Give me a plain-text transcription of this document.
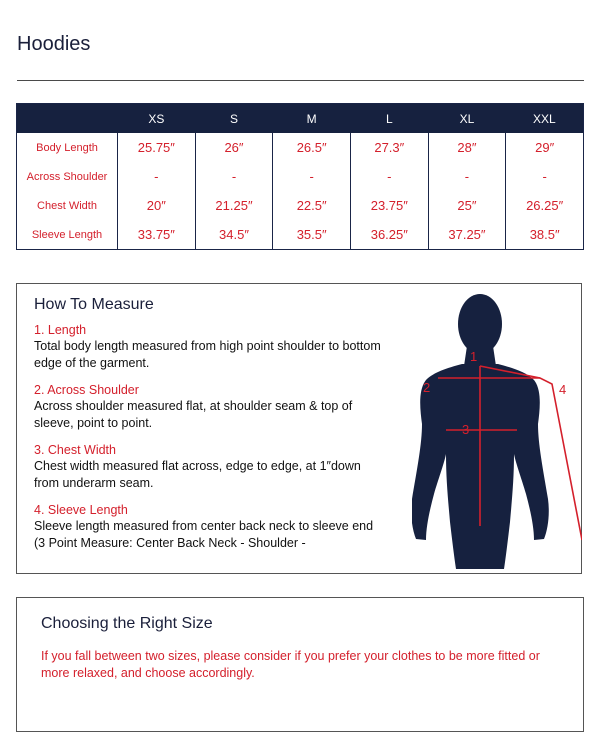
Hoodies
	XS	S	M	L	XL	XXL
Body Length	25.75″	26″	26.5″	27.3″	28″	29″
Across Shoulder	-	-	-	-	-	-
Chest Width	20″	21.25″	22.5″	23.75″	25″	26.25″
Sleeve Length	33.75″	34.5″	35.5″	36.25″	37.25″	38.5″
How To Measure
1. Length
Total body length measured from high point shoulder to bottom edge of the garment.
2. Across Shoulder
Across shoulder measured flat, at shoulder seam & top of sleeve, point to point.
3. Chest Width
Chest width measured flat across, edge to edge, at 1″down from underarm seam.
4. Sleeve Length
Sleeve length measured from center back neck to sleeve end (3 Point Measure: Center Back Neck - Shoulder -
1
2
3
4
Choosing the Right Size
If you fall between two sizes, please consider if you prefer your clothes to be more fitted or more relaxed, and choose accordingly.
